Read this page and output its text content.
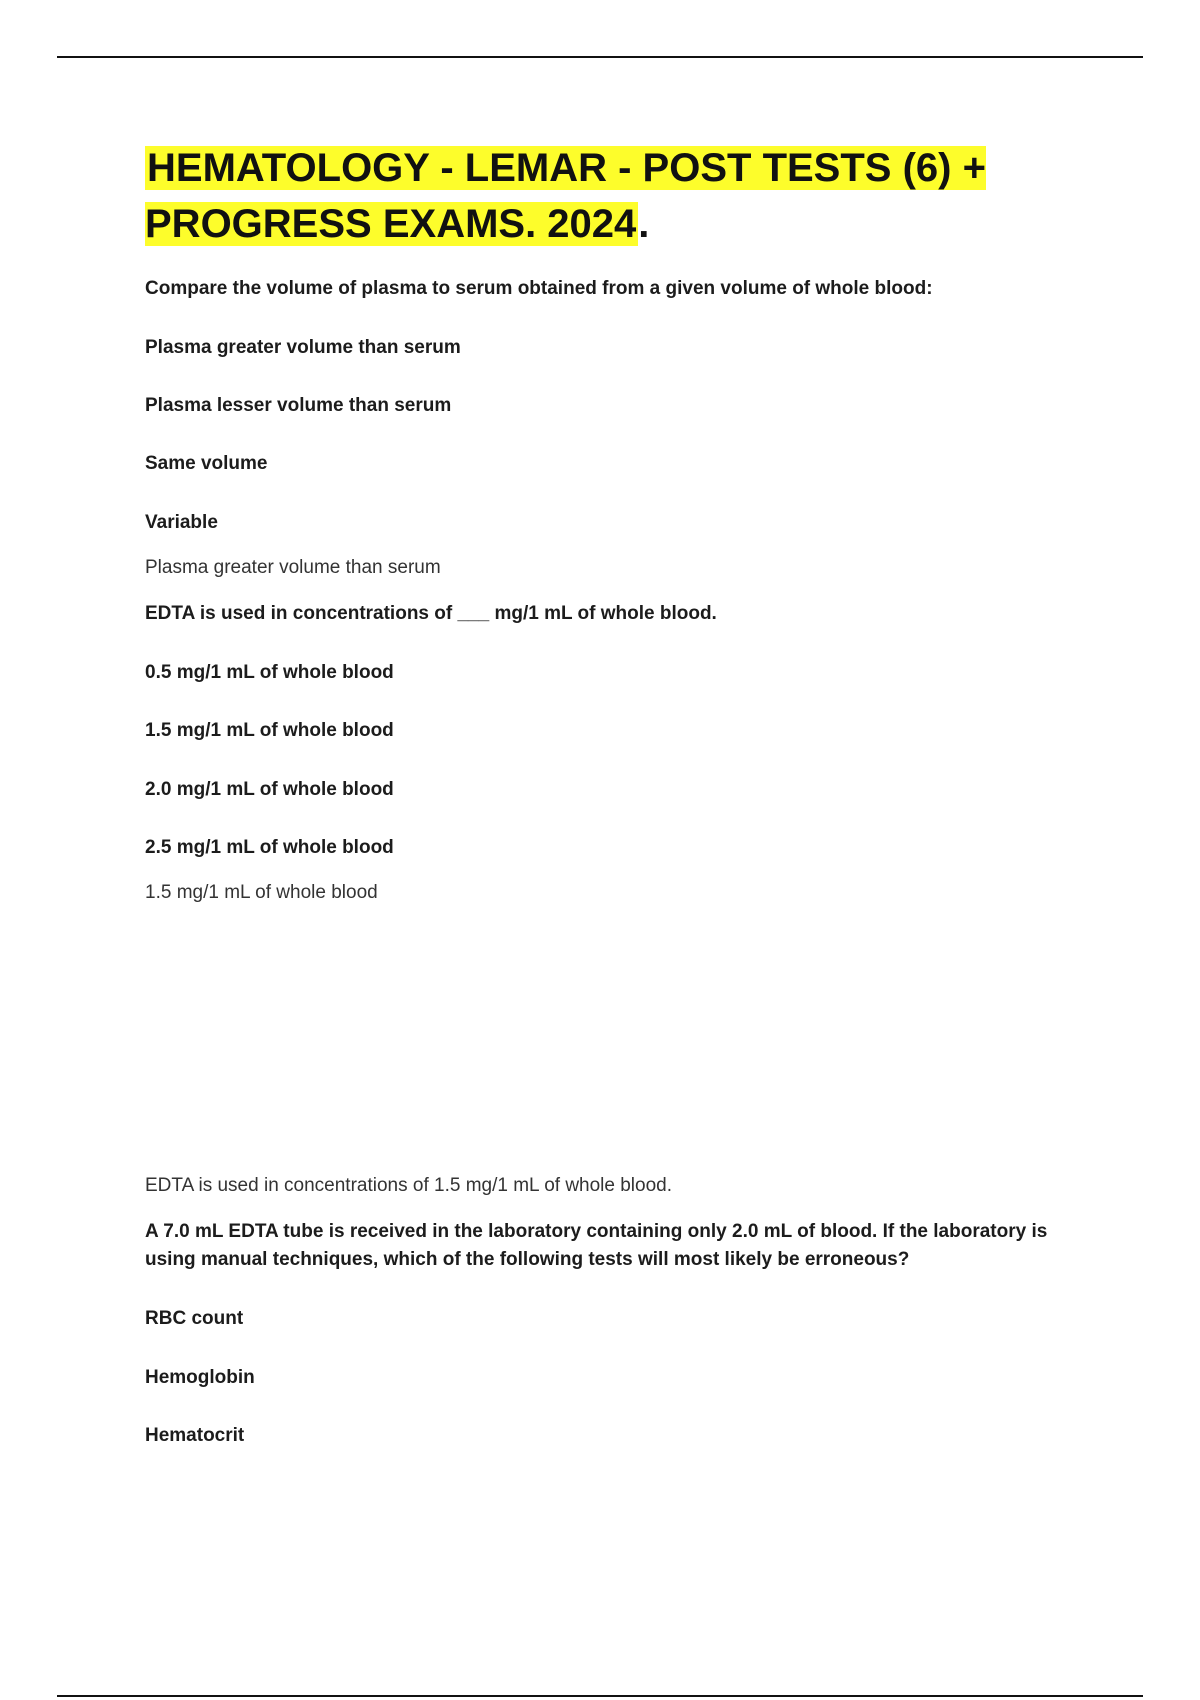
HEMATOLOGY - LEMAR - POST TESTS (6) + PROGRESS EXAMS. 2024.
Compare the volume of plasma to serum obtained from a given volume of whole blood:
Plasma greater volume than serum
Plasma lesser volume than serum
Same volume
Variable
Plasma greater volume than serum
EDTA is used in concentrations of ___ mg/1 mL of whole blood.
0.5 mg/1 mL of whole blood
1.5 mg/1 mL of whole blood
2.0 mg/1 mL of whole blood
2.5 mg/1 mL of whole blood
1.5 mg/1 mL of whole blood
EDTA is used in concentrations of 1.5 mg/1 mL of whole blood.
A 7.0 mL EDTA tube is received in the laboratory containing only 2.0 mL of blood. If the laboratory is using manual techniques, which of the following tests will most likely be erroneous?
RBC count
Hemoglobin
Hematocrit
